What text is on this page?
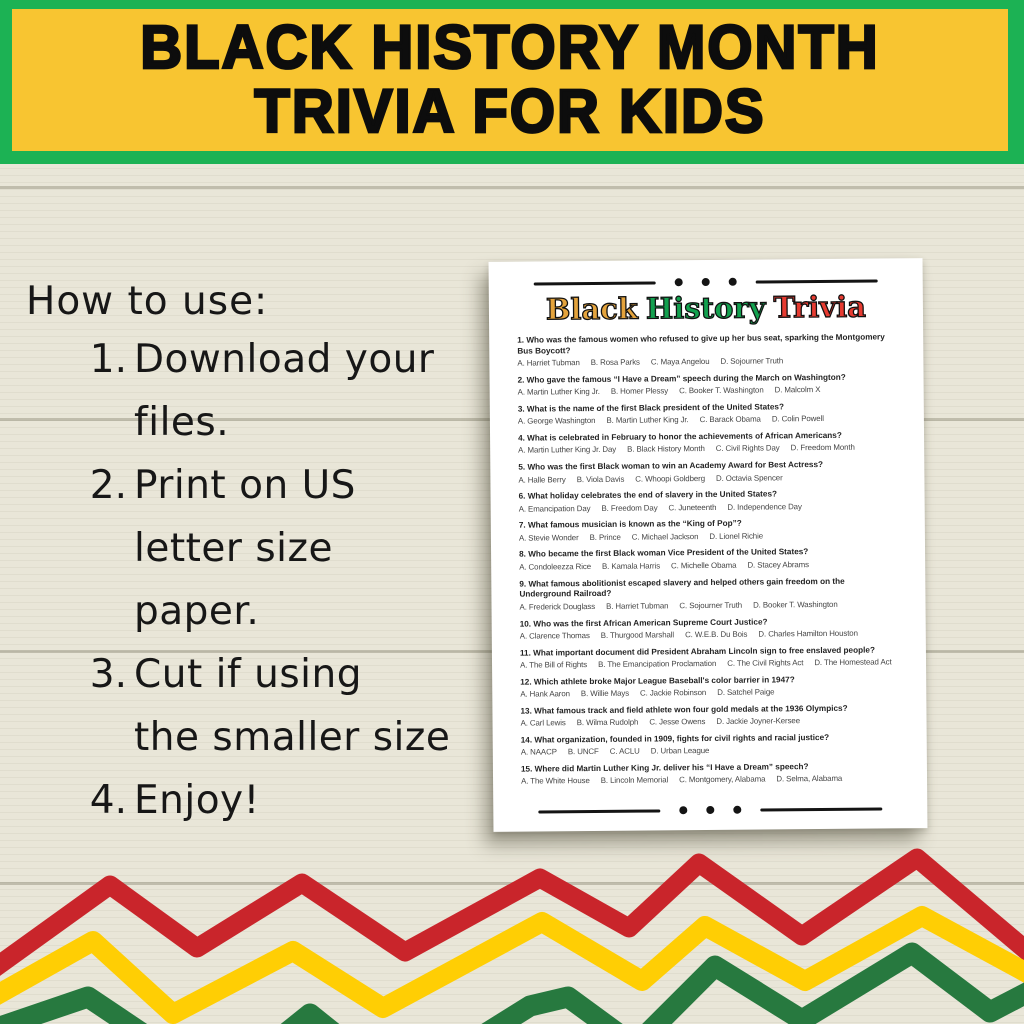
BLACK HISTORY MONTH
TRIVIA FOR KIDS
How to use:
1. Download your
files.
2. Print on US
letter size
paper.
3. Cut if using
the smaller size
4. Enjoy!
Black History Trivia
1. Who was the famous women who refused to give up her bus seat, sparking the Montgomery Bus Boycott?
A. Harriet Tubman B. Rosa Parks C. Maya Angelou D. Sojourner Truth
2. Who gave the famous “I Have a Dream” speech during the March on Washington?
A. Martin Luther King Jr. B. Homer Plessy C. Booker T. Washington D. Malcolm X
3. What is the name of the first Black president of the United States?
A. George Washington B. Martin Luther King Jr. C. Barack Obama D. Colin Powell
4. What is celebrated in February to honor the achievements of African Americans?
A. Martin Luther King Jr. Day B. Black History Month C. Civil Rights Day D. Freedom Month
5. Who was the first Black woman to win an Academy Award for Best Actress?
A. Halle Berry B. Viola Davis C. Whoopi Goldberg D. Octavia Spencer
6. What holiday celebrates the end of slavery in the United States?
A. Emancipation Day B. Freedom Day C. Juneteenth D. Independence Day
7. What famous musician is known as the “King of Pop”?
A. Stevie Wonder B. Prince C. Michael Jackson D. Lionel Richie
8. Who became the first Black woman Vice President of the United States?
A. Condoleezza Rice B. Kamala Harris C. Michelle Obama D. Stacey Abrams
9. What famous abolitionist escaped slavery and helped others gain freedom on the Underground Railroad?
A. Frederick Douglass B. Harriet Tubman C. Sojourner Truth D. Booker T. Washington
10. Who was the first African American Supreme Court Justice?
A. Clarence Thomas B. Thurgood Marshall C. W.E.B. Du Bois D. Charles Hamilton Houston
11. What important document did President Abraham Lincoln sign to free enslaved people?
A. The Bill of Rights B. The Emancipation Proclamation C. The Civil Rights Act D. The Homestead Act
12. Which athlete broke Major League Baseball's color barrier in 1947?
A. Hank Aaron B. Willie Mays C. Jackie Robinson D. Satchel Paige
13. What famous track and field athlete won four gold medals at the 1936 Olympics?
A. Carl Lewis B. Wilma Rudolph C. Jesse Owens D. Jackie Joyner-Kersee
14. What organization, founded in 1909, fights for civil rights and racial justice?
A. NAACP B. UNCF C. ACLU D. Urban League
15. Where did Martin Luther King Jr. deliver his “I Have a Dream” speech?
A. The White House B. Lincoln Memorial C. Montgomery, Alabama D. Selma, Alabama
